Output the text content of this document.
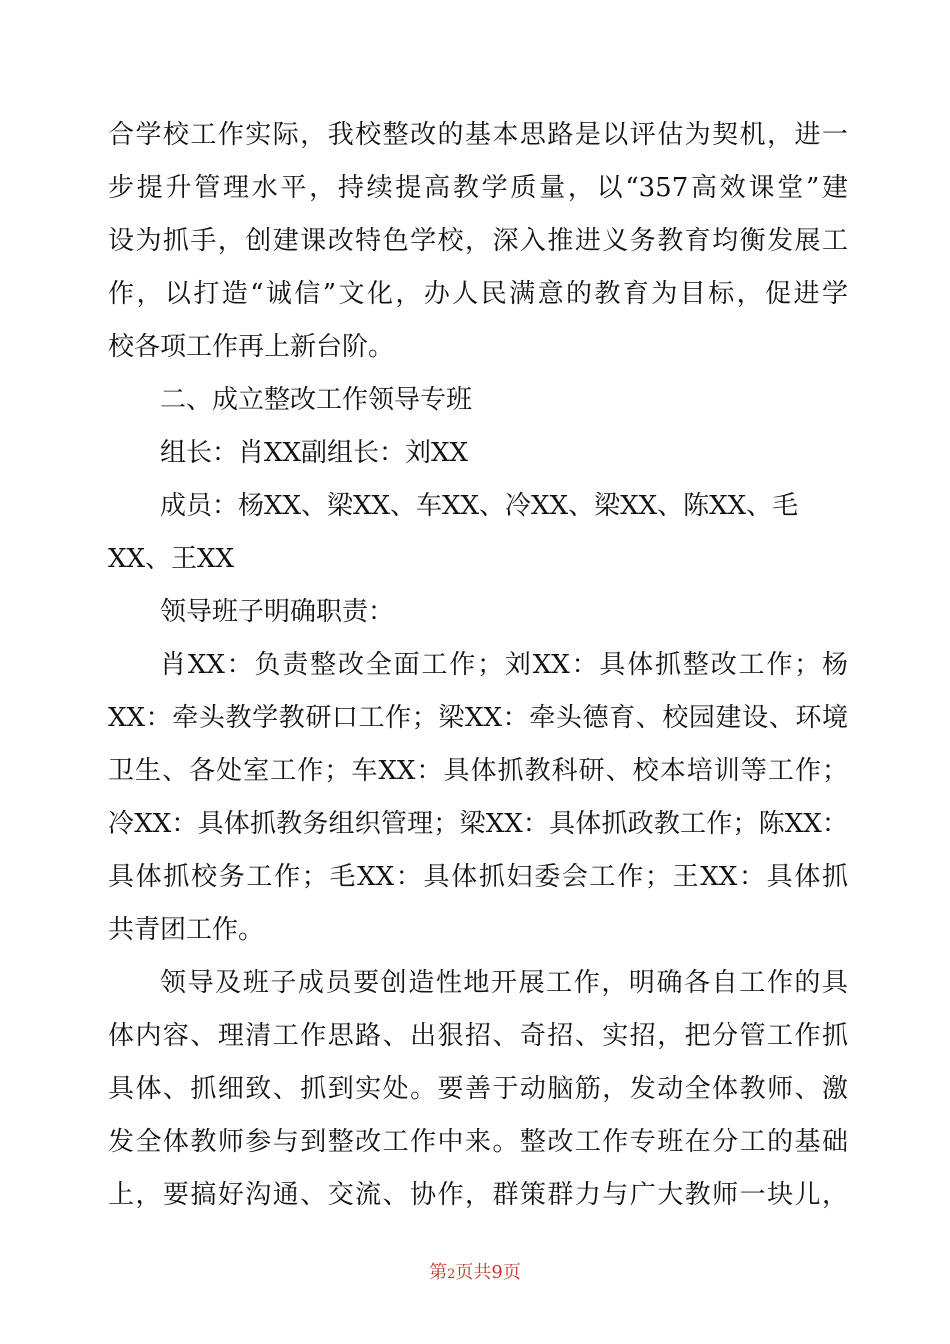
合学校工作实际，我校整改的基本思路是以评估为契机，进一
步提升管理水平，持续提高教学质量，以“357高效课堂”建
设为抓手，创建课改特色学校，深入推进义务教育均衡发展工
作，以打造“诚信”文化，办人民满意的教育为目标，促进学
校各项工作再上新台阶。
二、成立整改工作领导专班
组长：肖XX副组长：刘XX
成员：杨XX、梁XX、车XX、冷XX、梁XX、陈XX、毛
XX、王XX
领导班子明确职责：
肖XX：负责整改全面工作；刘XX：具体抓整改工作；杨
XX：牵头教学教研口工作；梁XX：牵头德育、校园建设、环境
卫生、各处室工作；车XX：具体抓教科研、校本培训等工作；
冷XX：具体抓教务组织管理；梁XX：具体抓政教工作；陈XX：
具体抓校务工作；毛XX：具体抓妇委会工作；王XX：具体抓
共青团工作。
领导及班子成员要创造性地开展工作，明确各自工作的具
体内容、理清工作思路、出狠招、奇招、实招，把分管工作抓
具体、抓细致、抓到实处。要善于动脑筋，发动全体教师、激
发全体教师参与到整改工作中来。整改工作专班在分工的基础
上，要搞好沟通、交流、协作，群策群力与广大教师一块儿，
第2页共9页
